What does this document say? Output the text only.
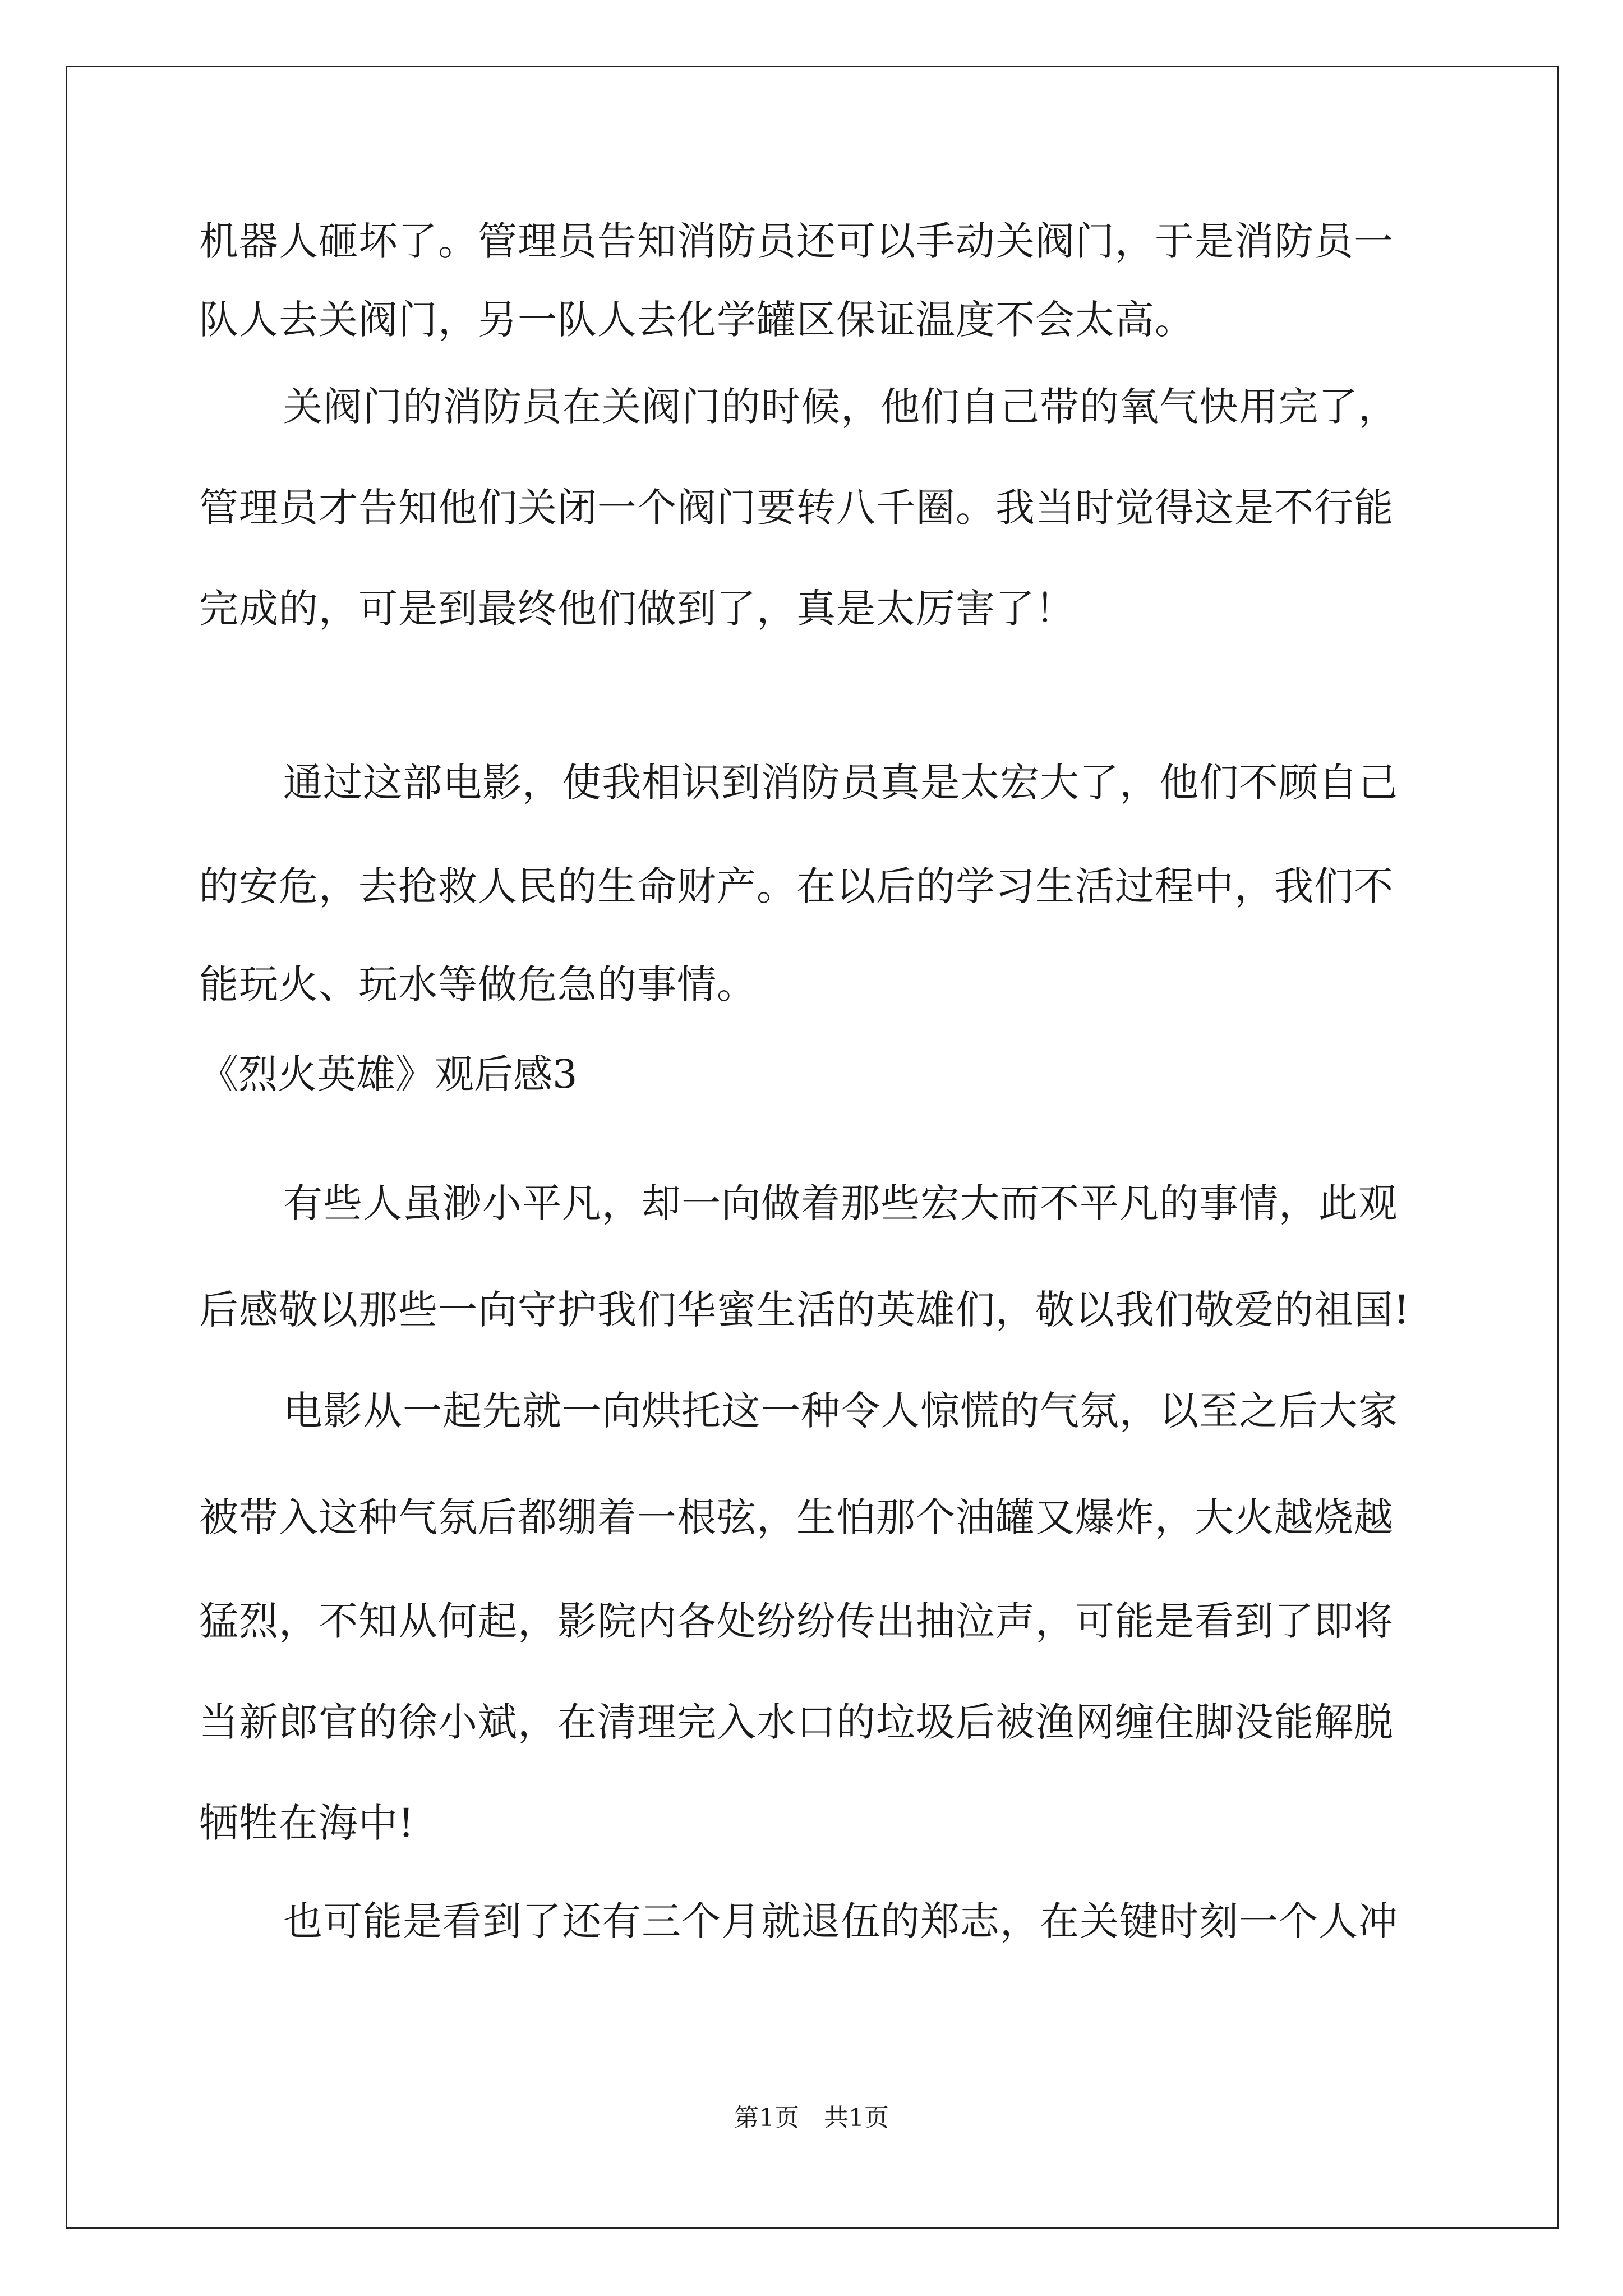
机器人砸坏了。管理员告知消防员还可以手动关阀门，于是消防员一
队人去关阀门，另一队人去化学罐区保证温度不会太高。
关阀门的消防员在关阀门的时候，他们自己带的氧气快用完了，
管理员才告知他们关闭一个阀门要转八千圈。我当时觉得这是不行能
完成的，可是到最终他们做到了，真是太厉害了！
通过这部电影，使我相识到消防员真是太宏大了，他们不顾自己
的安危，去抢救人民的生命财产。在以后的学习生活过程中，我们不
能玩火、玩水等做危急的事情。
《烈火英雄》观后感3
有些人虽渺小平凡，却一向做着那些宏大而不平凡的事情，此观
后感敬以那些一向守护我们华蜜生活的英雄们，敬以我们敬爱的祖国!
电影从一起先就一向烘托这一种令人惊慌的气氛，以至之后大家
被带入这种气氛后都绷着一根弦，生怕那个油罐又爆炸，大火越烧越
猛烈，不知从何起，影院内各处纷纷传出抽泣声，可能是看到了即将
当新郎官的徐小斌，在清理完入水口的垃圾后被渔网缠住脚没能解脱
牺牲在海中!
也可能是看到了还有三个月就退伍的郑志，在关键时刻一个人冲
第1页 共1页
